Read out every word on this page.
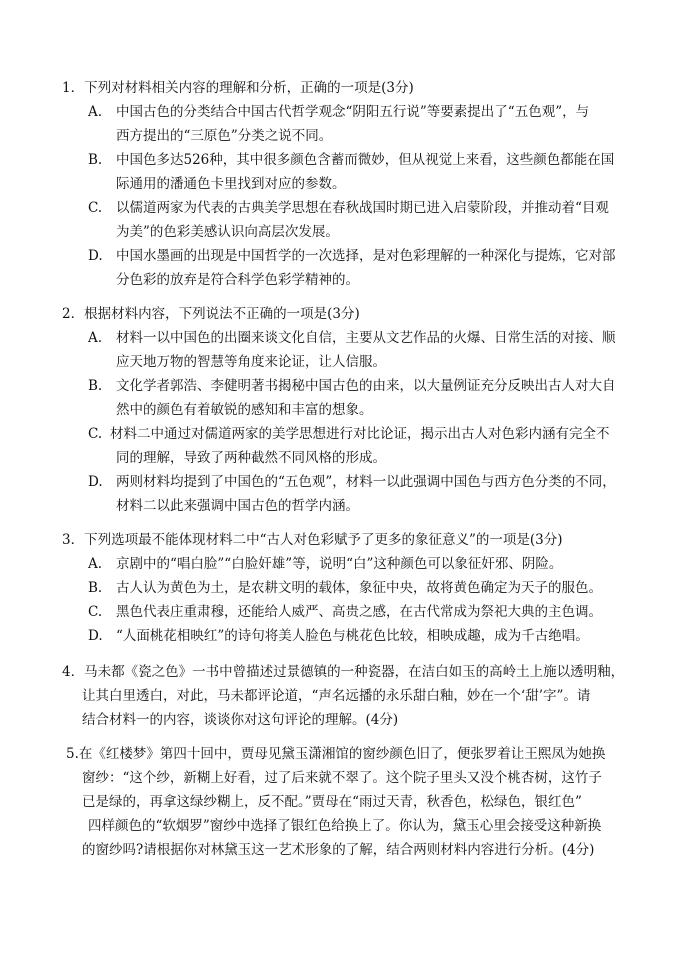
1．下列对材料相关内容的理解和分析，正确的一项是(3分)
A. 中国古色的分类结合中国古代哲学观念“阴阳五行说”等要素提出了“五色观”，与
西方提出的“三原色”分类之说不同。
B. 中国色多达526种，其中很多颜色含蓄而微妙，但从视觉上来看，这些颜色都能在国
际通用的潘通色卡里找到对应的参数。
C. 以儒道两家为代表的古典美学思想在春秋战国时期已进入启蒙阶段，并推动着“目观
为美”的色彩美感认识向高层次发展。
D. 中国水墨画的出现是中国哲学的一次选择，是对色彩理解的一种深化与提炼，它对部
分色彩的放弃是符合科学色彩学精神的。
2．根据材料内容，下列说法不正确的一项是(3分)
A. 材料一以中国色的出圈来谈文化自信，主要从文艺作品的火爆、日常生活的对接、顺
应天地万物的智慧等角度来论证，让人信服。
B. 文化学者郭浩、李健明著书揭秘中国古色的由来，以大量例证充分反映出古人对大自
然中的颜色有着敏锐的感知和丰富的想象。
C. 材料二中通过对儒道两家的美学思想进行对比论证，揭示出古人对色彩内涵有完全不
同的理解，导致了两种截然不同风格的形成。
D. 两则材料均提到了中国色的“五色观”，材料一以此强调中国色与西方色分类的不同，
材料二以此来强调中国古色的哲学内涵。
3．下列选项最不能体现材料二中“古人对色彩赋予了更多的象征意义”的一项是(3分)
A. 京剧中的“唱白脸”“白脸奸雄”等，说明“白”这种颜色可以象征奸邪、阴险。
B. 古人认为黄色为土，是农耕文明的载体，象征中央，故将黄色确定为天子的服色。
C. 黑色代表庄重肃穆，还能给人威严、高贵之感，在古代常成为祭祀大典的主色调。
D. “人面桃花相映红”的诗句将美人脸色与桃花色比较，相映成趣，成为千古绝唱。
4．马未都《瓷之色》一书中曾描述过景德镇的一种瓷器，在洁白如玉的高岭土上施以透明釉，
让其白里透白，对此，马未都评论道，“声名远播的永乐甜白釉，妙在一个‘甜’字”。请
结合材料一的内容，谈谈你对这句评论的理解。(4分)
5.在《红楼梦》第四十回中，贾母见黛玉潇湘馆的窗纱颜色旧了，便张罗着让王熙凤为她换
窗纱：“这个纱，新糊上好看，过了后来就不翠了。这个院子里头又没个桃杏树，这竹子
已是绿的，再拿这绿纱糊上，反不配。”贾母在“雨过天青，秋香色，松绿色，银红色”
四样颜色的“软烟罗”窗纱中选择了银红色给换上了。你认为，黛玉心里会接受这种新换
的窗纱吗?请根据你对林黛玉这一艺术形象的了解，结合两则材料内容进行分析。(4分)
